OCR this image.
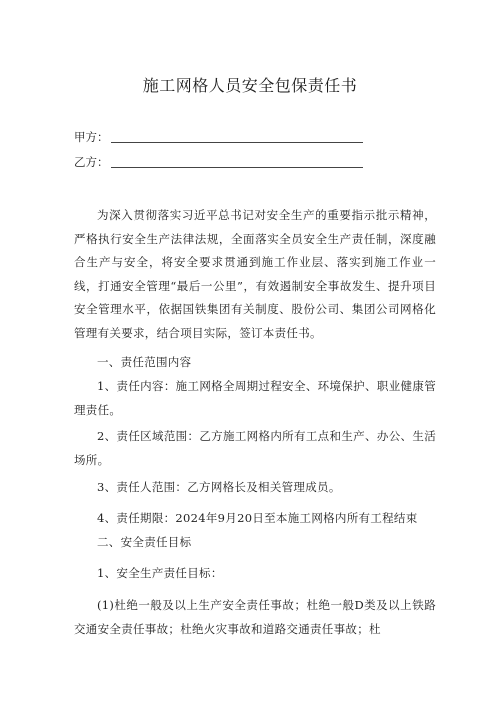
施工网格人员安全包保责任书
甲方：
乙方：

为深入贯彻落实习近平总书记对安全生产的重要指示批示精神，严格执行安全生产法律法规，全面落实全员安全生产责任制，深度融合生产与安全，将安全要求贯通到施工作业层、落实到施工作业一线，打通安全管理“最后一公里”，有效遏制安全事故发生、提升项目安全管理水平，依据国铁集团有关制度、股份公司、集团公司网格化管理有关要求，结合项目实际，签订本责任书。

一、责任范围内容

1、责任内容：施工网格全周期过程安全、环境保护、职业健康管理责任。

2、责任区域范围：乙方施工网格内所有工点和生产、办公、生活场所。

3、责任人范围：乙方网格长及相关管理成员。

4、责任期限：2024年9月20日至本施工网格内所有工程结束

二、安全责任目标

1、安全生产责任目标：

(1)杜绝一般及以上生产安全责任事故；杜绝一般D类及以上铁路交通安全责任事故；杜绝火灾事故和道路交通责任事故；杜
